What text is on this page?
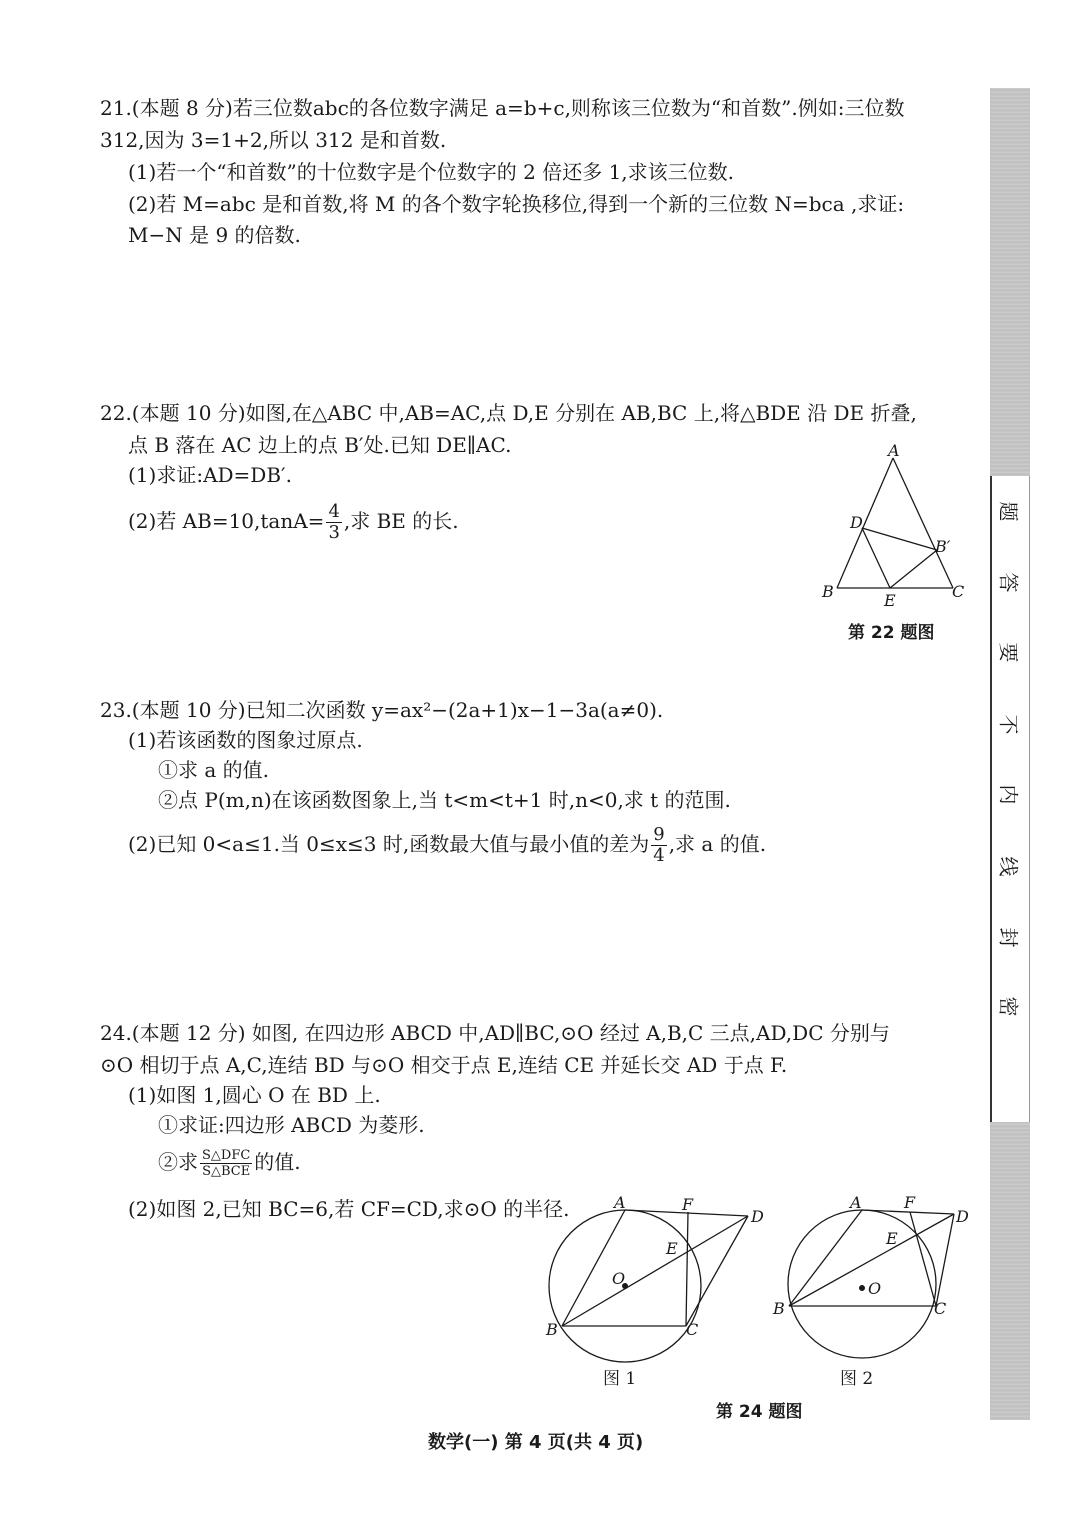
21.(本题 8 分)若三位数abc的各位数字满足 a=b+c,则称该三位数为“和首数”.例如:三位数
312,因为 3=1+2,所以 312 是和首数.
(1)若一个“和首数”的十位数字是个位数字的 2 倍还多 1,求该三位数.
(2)若 M=abc 是和首数,将 M 的各个数字轮换移位,得到一个新的三位数 N=bca ,求证:
M−N 是 9 的倍数.
22.(本题 10 分)如图,在△ABC 中,AB=AC,点 D,E 分别在 AB,BC 上,将△BDE 沿 DE 折叠,
点 B 落在 AC 边上的点 B′处.已知 DE∥AC.
(1)求证:AD=DB′.
(2)若 $AB=10,\tan A= \frac{4}{3}$ ,求 BE 的长.
A
D
B′
B	E	C
第 22 题图
23.(本题 10 分)已知二次函数 y=ax²−(2a+1)x−1−3a(a≠0).
(1)若该函数的图象过原点.
①求 a 的值.
②点 P(m,n)在该函数图象上,当 t<m<t+1 时,n<0,求 t 的范围.
(2)已知 0<a≤1.当 0≤x≤3 时,函数最大值与最小值的差为 $\frac{9}{4}$ ,求 a 的值.
24.(本题 12 分) 如图, 在四边形 ABCD 中,AD∥BC,⊙O 经过 A,B,C 三点,AD,DC 分别与
⊙O 相切于点 A,C,连结 BD 与⊙O 相交于点 E,连结 CE 并延长交 AD 于点 F.
(1)如图 1,圆心 O 在 BD 上.
①求证:四边形 ABCD 为菱形.
②求 $\frac{\text{S△DFC}}{\text{S△BCE}}$ 的值.
(2)如图 2,已知 BC=6,若 CF=CD,求⊙O 的半径.	A	F
D
E
O
B	C
图 1
A	F
D
E
O
B	C
图 2
第 24 题图
题
答
要
不
内
线
封
密
数学(一) 第 4 页(共 4 页)
